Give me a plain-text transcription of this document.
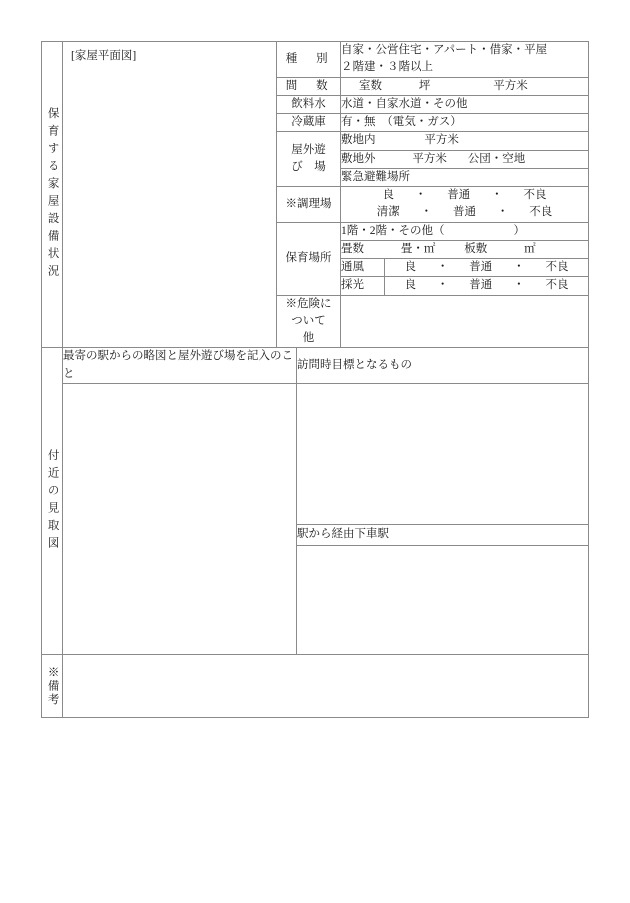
保育する家屋設備状況	[家屋平面図]	種　別		自家・公営住宅・アパート・借家・平屋
２階建・３階以上	

		間　数		室数 坪 平方米	
		飲料水		水道・自家水道・その他	
		冷蔵庫		有・無　（電気・ガス）	

		屋外遊
び　場		敷地内 平方米	
				敷地外 平方米 公団・空地	
				緊急避難場所	
		※調理場		良 ・ 普通 ・ 不良
清潔 ・ 普通 ・ 不良	

		保育場所		1階・2階・その他（　　　　　　）	
				畳数 畳・㎡ 板敷 ㎡	
				通風	良 ・ 普通 ・ 不良
				採光	良 ・ 普通 ・ 不良

		※危険に
ついて
他			

付近の見取図	最寄の駅からの略図と屋外遊び場を記入のこと		訪問時目標となるもの		

			駅から経由下車駅		

※備考					
